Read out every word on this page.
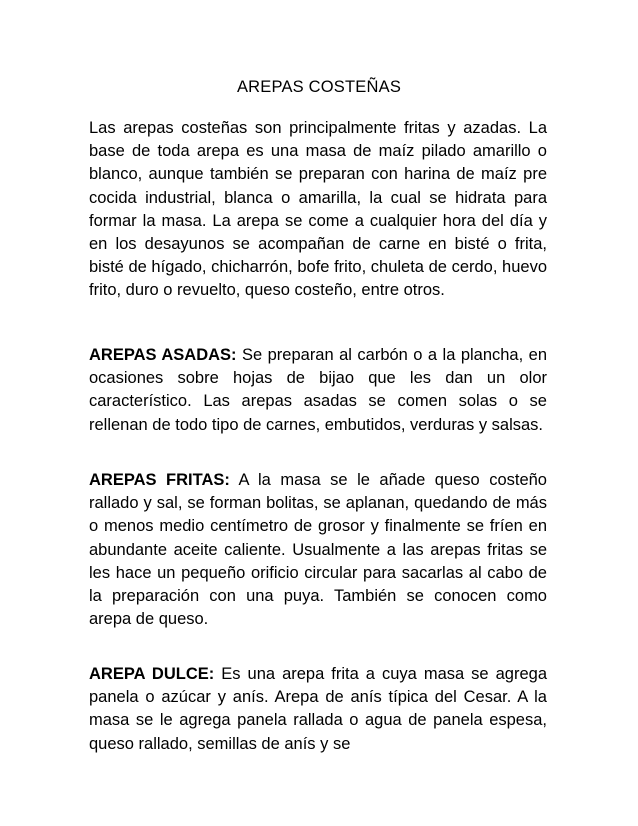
AREPAS COSTEÑAS

Las arepas costeñas son principalmente fritas y azadas. La base de toda arepa es una masa de maíz pilado amarillo o blanco, aunque también se preparan con harina de maíz pre cocida industrial, blanca o amarilla, la cual se hidrata para formar la masa. La arepa se come a cualquier hora del día y en los desayunos se acompañan de carne en bisté o frita, bisté de hígado, chicharrón, bofe frito, chuleta de cerdo, huevo frito, duro o revuelto, queso costeño, entre otros.

AREPAS ASADAS: Se preparan al carbón o a la plancha, en ocasiones sobre hojas de bijao que les dan un olor característico. Las arepas asadas se comen solas o se rellenan de todo tipo de carnes, embutidos, verduras y salsas.

AREPAS FRITAS: A la masa se le añade queso costeño rallado y sal, se forman bolitas, se aplanan, quedando de más o menos medio centímetro de grosor y finalmente se fríen en abundante aceite caliente. Usualmente a las arepas fritas se les hace un pequeño orificio circular para sacarlas al cabo de la preparación con una puya. También se conocen como arepa de queso.

AREPA DULCE: Es una arepa frita a cuya masa se agrega panela o azúcar y anís. Arepa de anís típica del Cesar. A la masa se le agrega panela rallada o agua de panela espesa, queso rallado, semillas de anís y se
